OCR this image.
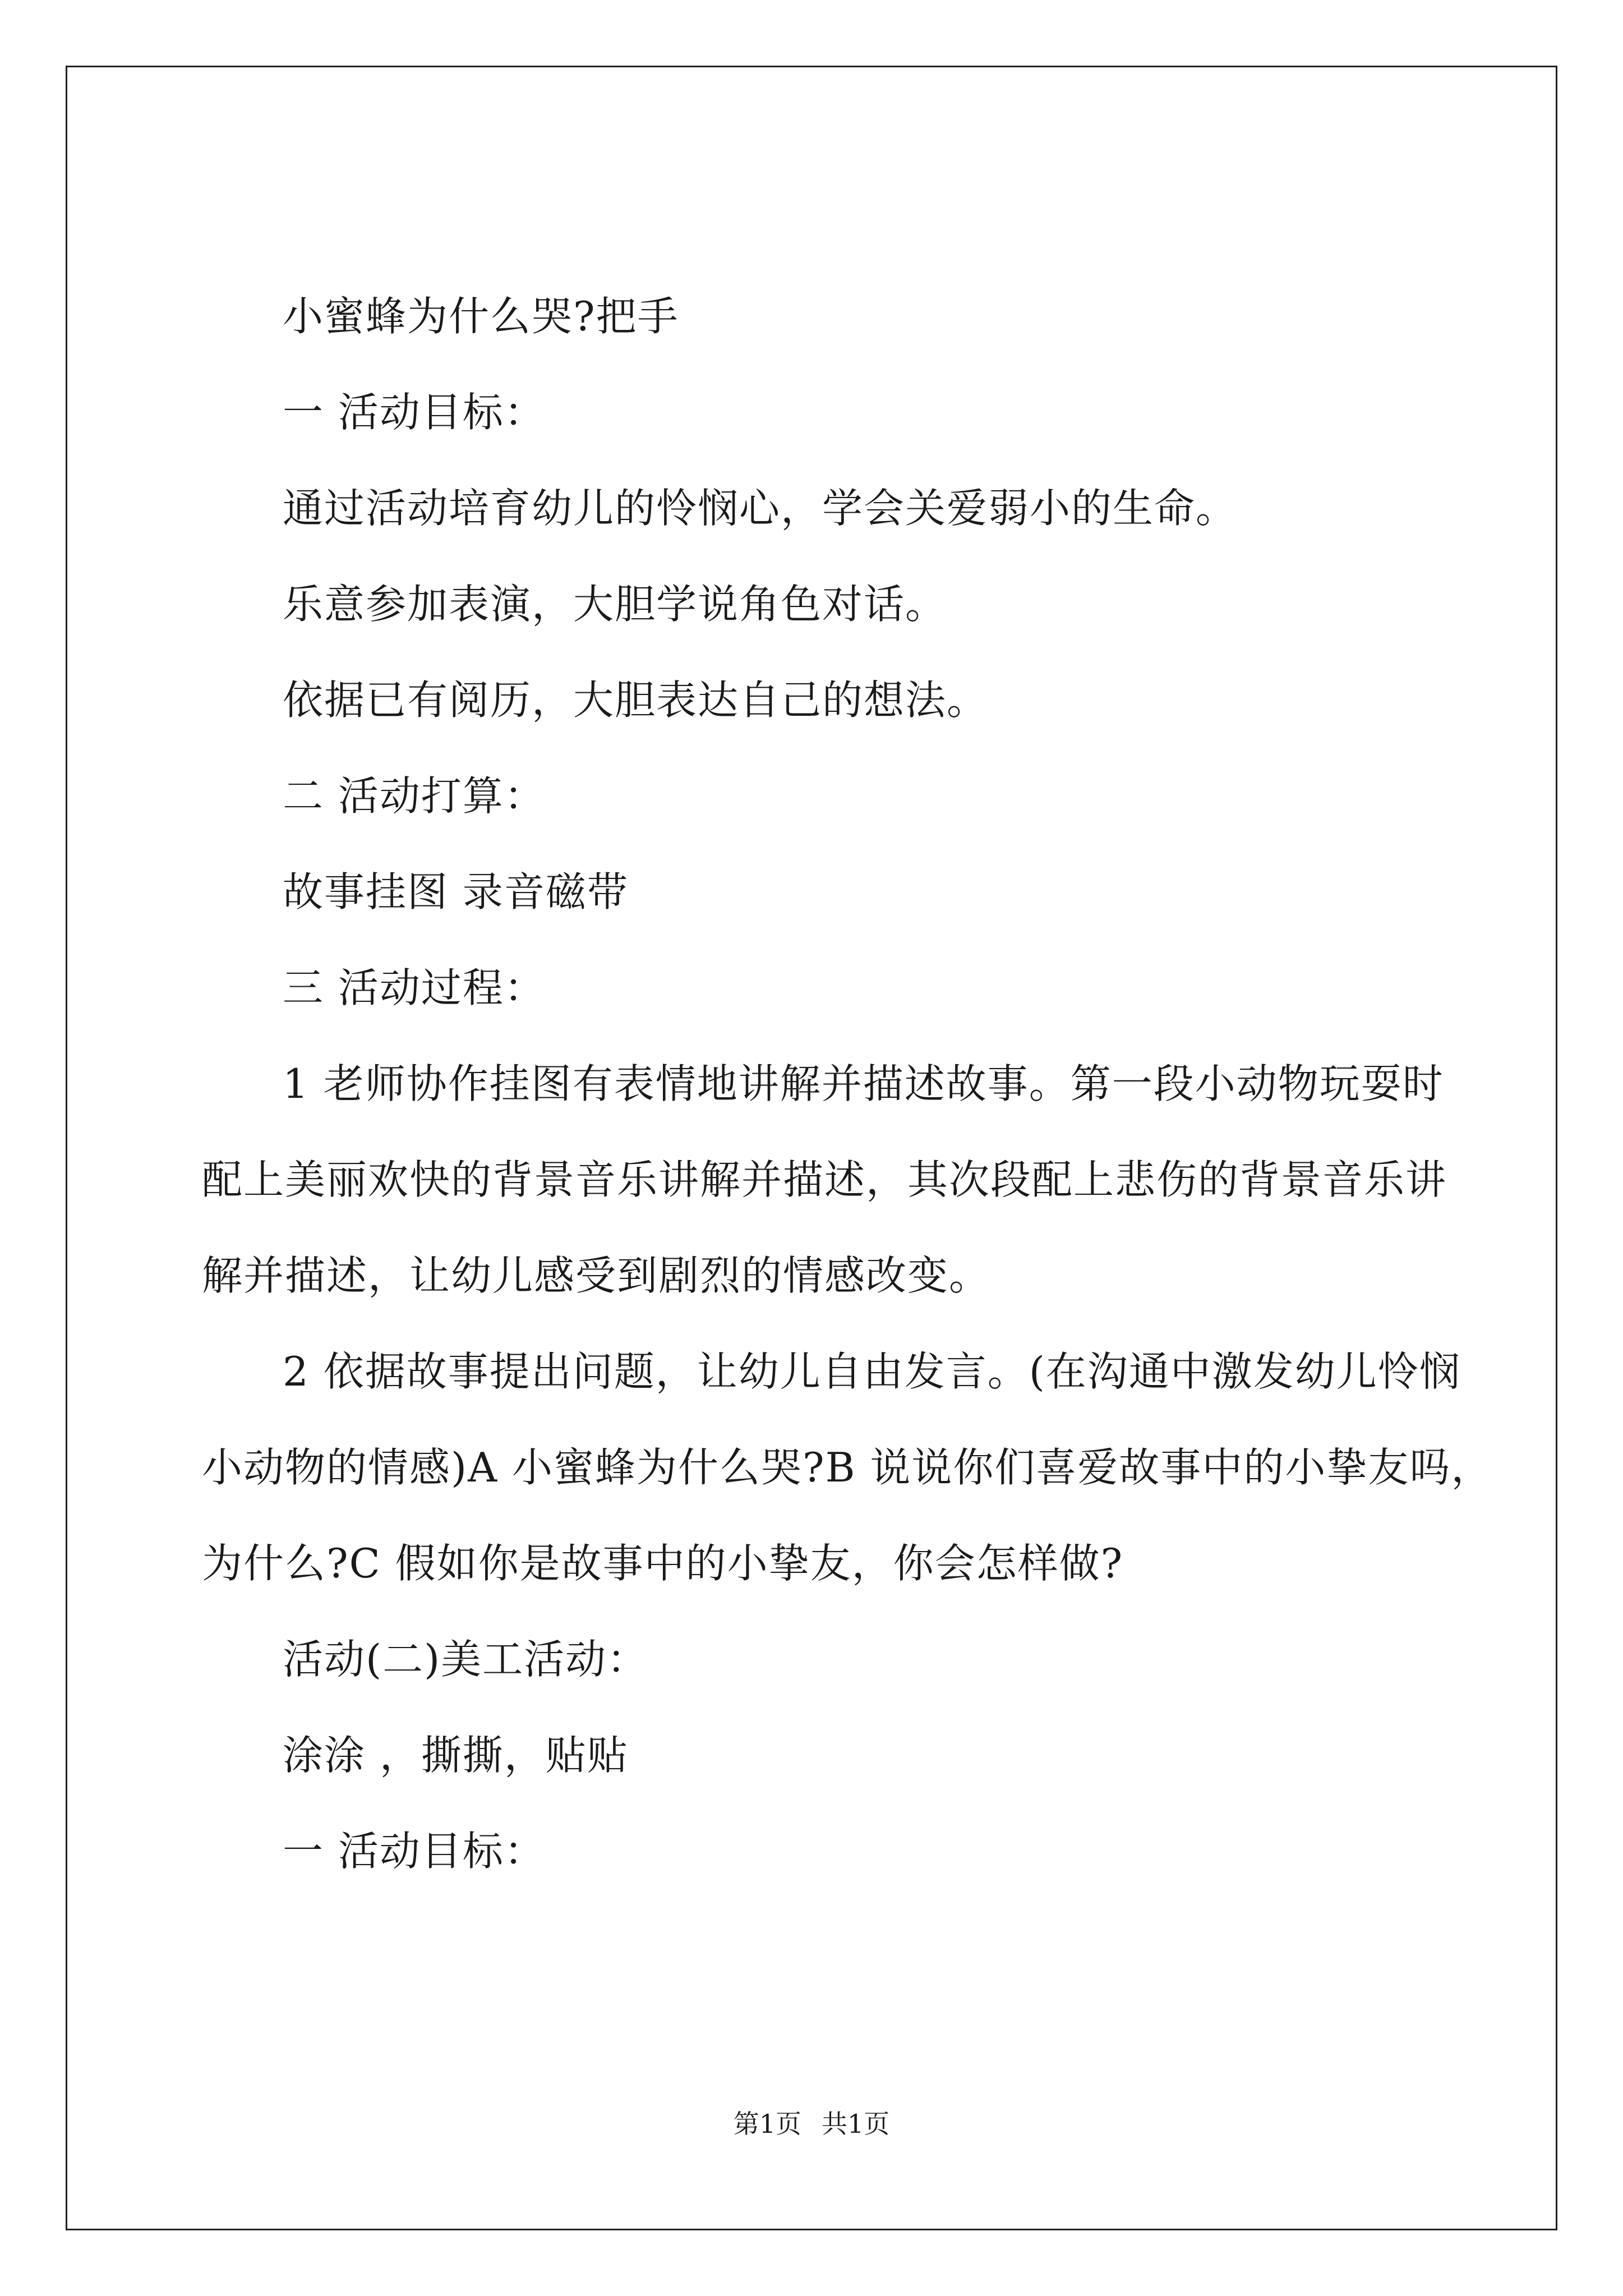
小蜜蜂为什么哭?把手
一 活动目标：
通过活动培育幼儿的怜悯心，学会关爱弱小的生命。
乐意参加表演，大胆学说角色对话。
依据已有阅历，大胆表达自己的想法。
二 活动打算：
故事挂图 录音磁带
三 活动过程：
1 老师协作挂图有表情地讲解并描述故事。第一段小动物玩耍时
配上美丽欢快的背景音乐讲解并描述，其次段配上悲伤的背景音乐讲
解并描述，让幼儿感受到剧烈的情感改变。
2 依据故事提出问题，让幼儿自由发言。(在沟通中激发幼儿怜悯
小动物的情感)A 小蜜蜂为什么哭?B 说说你们喜爱故事中的小挚友吗，
为什么?C 假如你是故事中的小挚友，你会怎样做?
活动(二)美工活动：
涂涂 ，撕撕，贴贴
一 活动目标：
第1页 共1页
